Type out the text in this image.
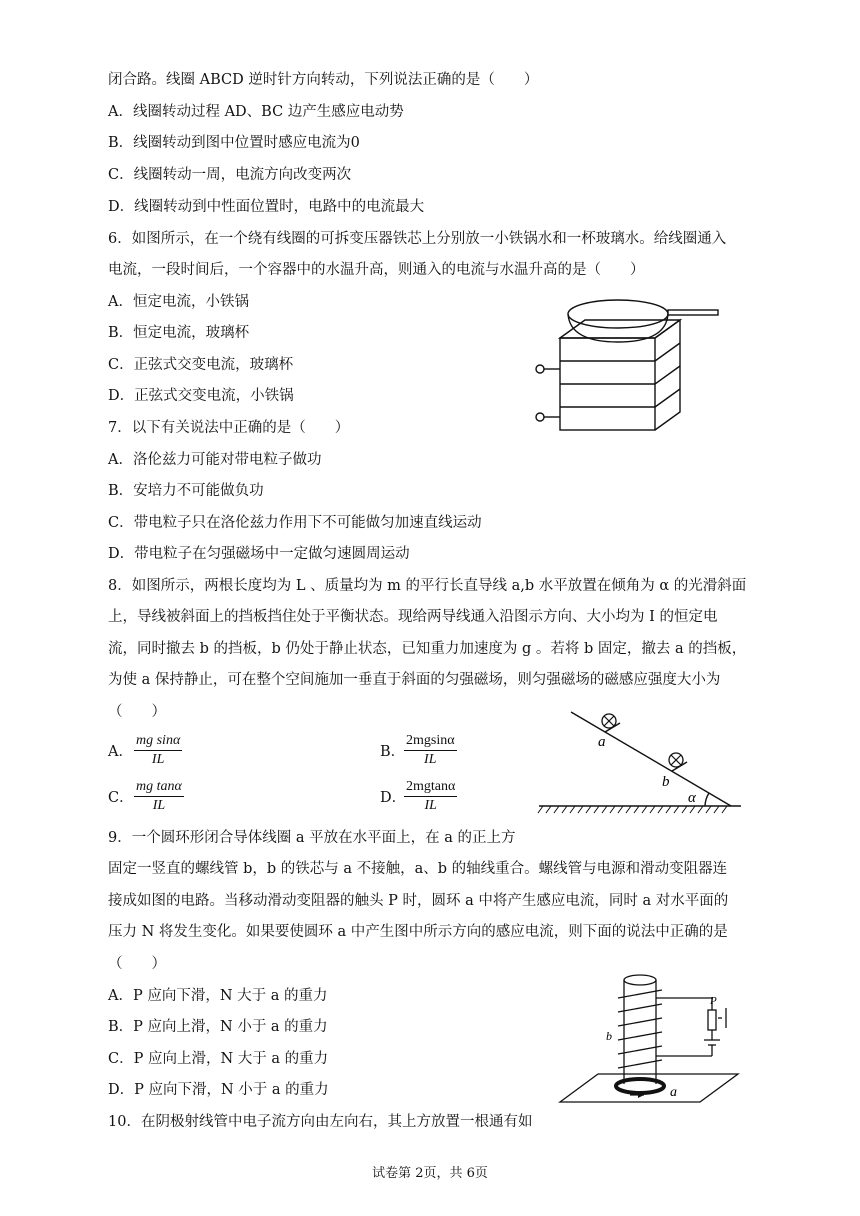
闭合路。线圈 ABCD 逆时针方向转动，下列说法正确的是（　　）
A．线圈转动过程 AD、BC 边产生感应电动势
B．线圈转动到图中位置时感应电流为0
C．线圈转动一周，电流方向改变两次
D．线圈转动到中性面位置时，电路中的电流最大
6．如图所示，在一个绕有线圈的可拆变压器铁芯上分别放一小铁锅水和一杯玻璃水。给线圈通入
电流，一段时间后，一个容器中的水温升高，则通入的电流与水温升高的是（　　）
A．恒定电流，小铁锅
B．恒定电流，玻璃杯
C．正弦式交变电流，玻璃杯
D．正弦式交变电流，小铁锅
7．以下有关说法中正确的是（　　）
A．洛伦兹力可能对带电粒子做功
B．安培力不可能做负功
C．带电粒子只在洛伦兹力作用下不可能做匀加速直线运动
D．带电粒子在匀强磁场中一定做匀速圆周运动
8．如图所示，两根长度均为 L 、质量均为 m 的平行长直导线 a,b 水平放置在倾角为 α 的光滑斜面
上，导线被斜面上的挡板挡住处于平衡状态。现给两导线通入沿图示方向、大小均为 I 的恒定电
流，同时撤去 b 的挡板，b 仍处于静止状态，已知重力加速度为 g 。若将 b 固定，撤去 a 的挡板，
为使 a 保持静止，可在整个空间施加一垂直于斜面的匀强磁场，则匀强磁场的磁感应强度大小为
（　　）
A． $\frac{\text{mg sinα}}{IL}$	B．
$\frac{2mgsin\alpha}{IL}$
C． $\frac{\text{mg tanα}}{IL}$	D．
$\frac{2mgtan\alpha}{IL}$
a
b
α
9．一个圆环形闭合导体线圈 a 平放在水平面上，在 a 的正上方
固定一竖直的螺线管 b，b 的铁芯与 a 不接触，a、b 的轴线重合。螺线管与电源和滑动变阻器连
接成如图的电路。当移动滑动变阻器的触头 P 时，圆环 a 中将产生感应电流，同时 a 对水平面的
压力 N 将发生变化。如果要使圆环 a 中产生图中所示方向的感应电流，则下面的说法中正确的是
（　　）
A．P 应向下滑，N 大于 a 的重力
B．P 应向上滑，N 小于 a 的重力
C．P 应向上滑，N 大于 a 的重力
D．P 应向下滑，N 小于 a 的重力
b
P
a
10．在阴极射线管中电子流方向由左向右，其上方放置一根通有如
试卷第 2页，共 6页
